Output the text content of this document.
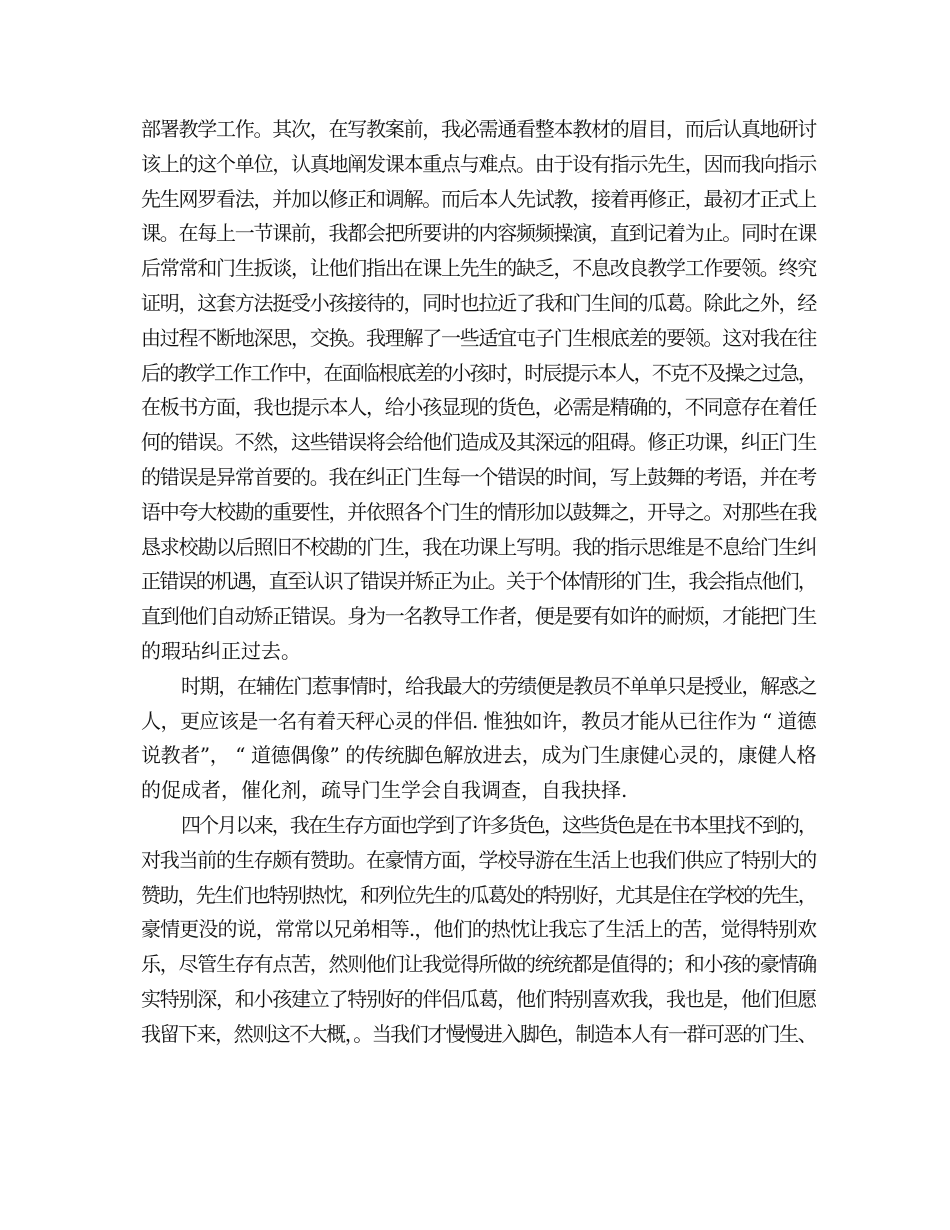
部署教学工作。其次，在写教案前，我必需通看整本教材的眉目，而后认真地研讨
该上的这个单位，认真地阐发课本重点与难点。由于设有指示先生，因而我向指示
先生网罗看法，并加以修正和调解。而后本人先试教，接着再修正，最初才正式上
课。在每上一节课前，我都会把所要讲的内容频频操演，直到记着为止。同时在课
后常常和门生扳谈，让他们指出在课上先生的缺乏，不息改良教学工作要领。终究
证明，这套方法挺受小孩接待的，同时也拉近了我和门生间的瓜葛。除此之外，经
由过程不断地深思，交换。我理解了一些适宜屯子门生根底差的要领。这对我在往
后的教学工作工作中，在面临根底差的小孩时，时辰提示本人，不克不及操之过急，
在板书方面，我也提示本人，给小孩显现的货色，必需是精确的，不同意存在着任
何的错误。不然，这些错误将会给他们造成及其深远的阻碍。修正功课，纠正门生
的错误是异常首要的。我在纠正门生每一个错误的时间，写上鼓舞的考语，并在考
语中夸大校勘的重要性，并依照各个门生的情形加以鼓舞之，开导之。对那些在我
恳求校勘以后照旧不校勘的门生，我在功课上写明。我的指示思维是不息给门生纠
正错误的机遇，直至认识了错误并矫正为止。关于个体情形的门生，我会指点他们，
直到他们自动矫正错误。身为一名教导工作者，便是要有如许的耐烦，才能把门生
的瑕玷纠正过去。
时期，在辅佐门惹事情时，给我最大的劳绩便是教员不单单只是授业，解惑之
人，更应该是一名有着天秤心灵的伴侣. 惟独如许，教员才能从已往作为 “ 道德
说教者”， “ 道德偶像” 的传统脚色解放进去，成为门生康健心灵的，康健人格
的促成者，催化剂，疏导门生学会自我调查，自我抉择.
四个月以来，我在生存方面也学到了许多货色，这些货色是在书本里找不到的，
对我当前的生存颇有赞助。在豪情方面，学校导游在生活上也我们供应了特别大的
赞助，先生们也特别热忱，和列位先生的瓜葛处的特别好，尤其是住在学校的先生，
豪情更没的说，常常以兄弟相等.，他们的热忱让我忘了生活上的苦，觉得特别欢
乐，尽管生存有点苦，然则他们让我觉得所做的统统都是值得的；和小孩的豪情确
实特别深，和小孩建立了特别好的伴侣瓜葛，他们特别喜欢我，我也是，他们但愿
我留下来，然则这不大概，。当我们才慢慢进入脚色，制造本人有一群可恶的门生、
